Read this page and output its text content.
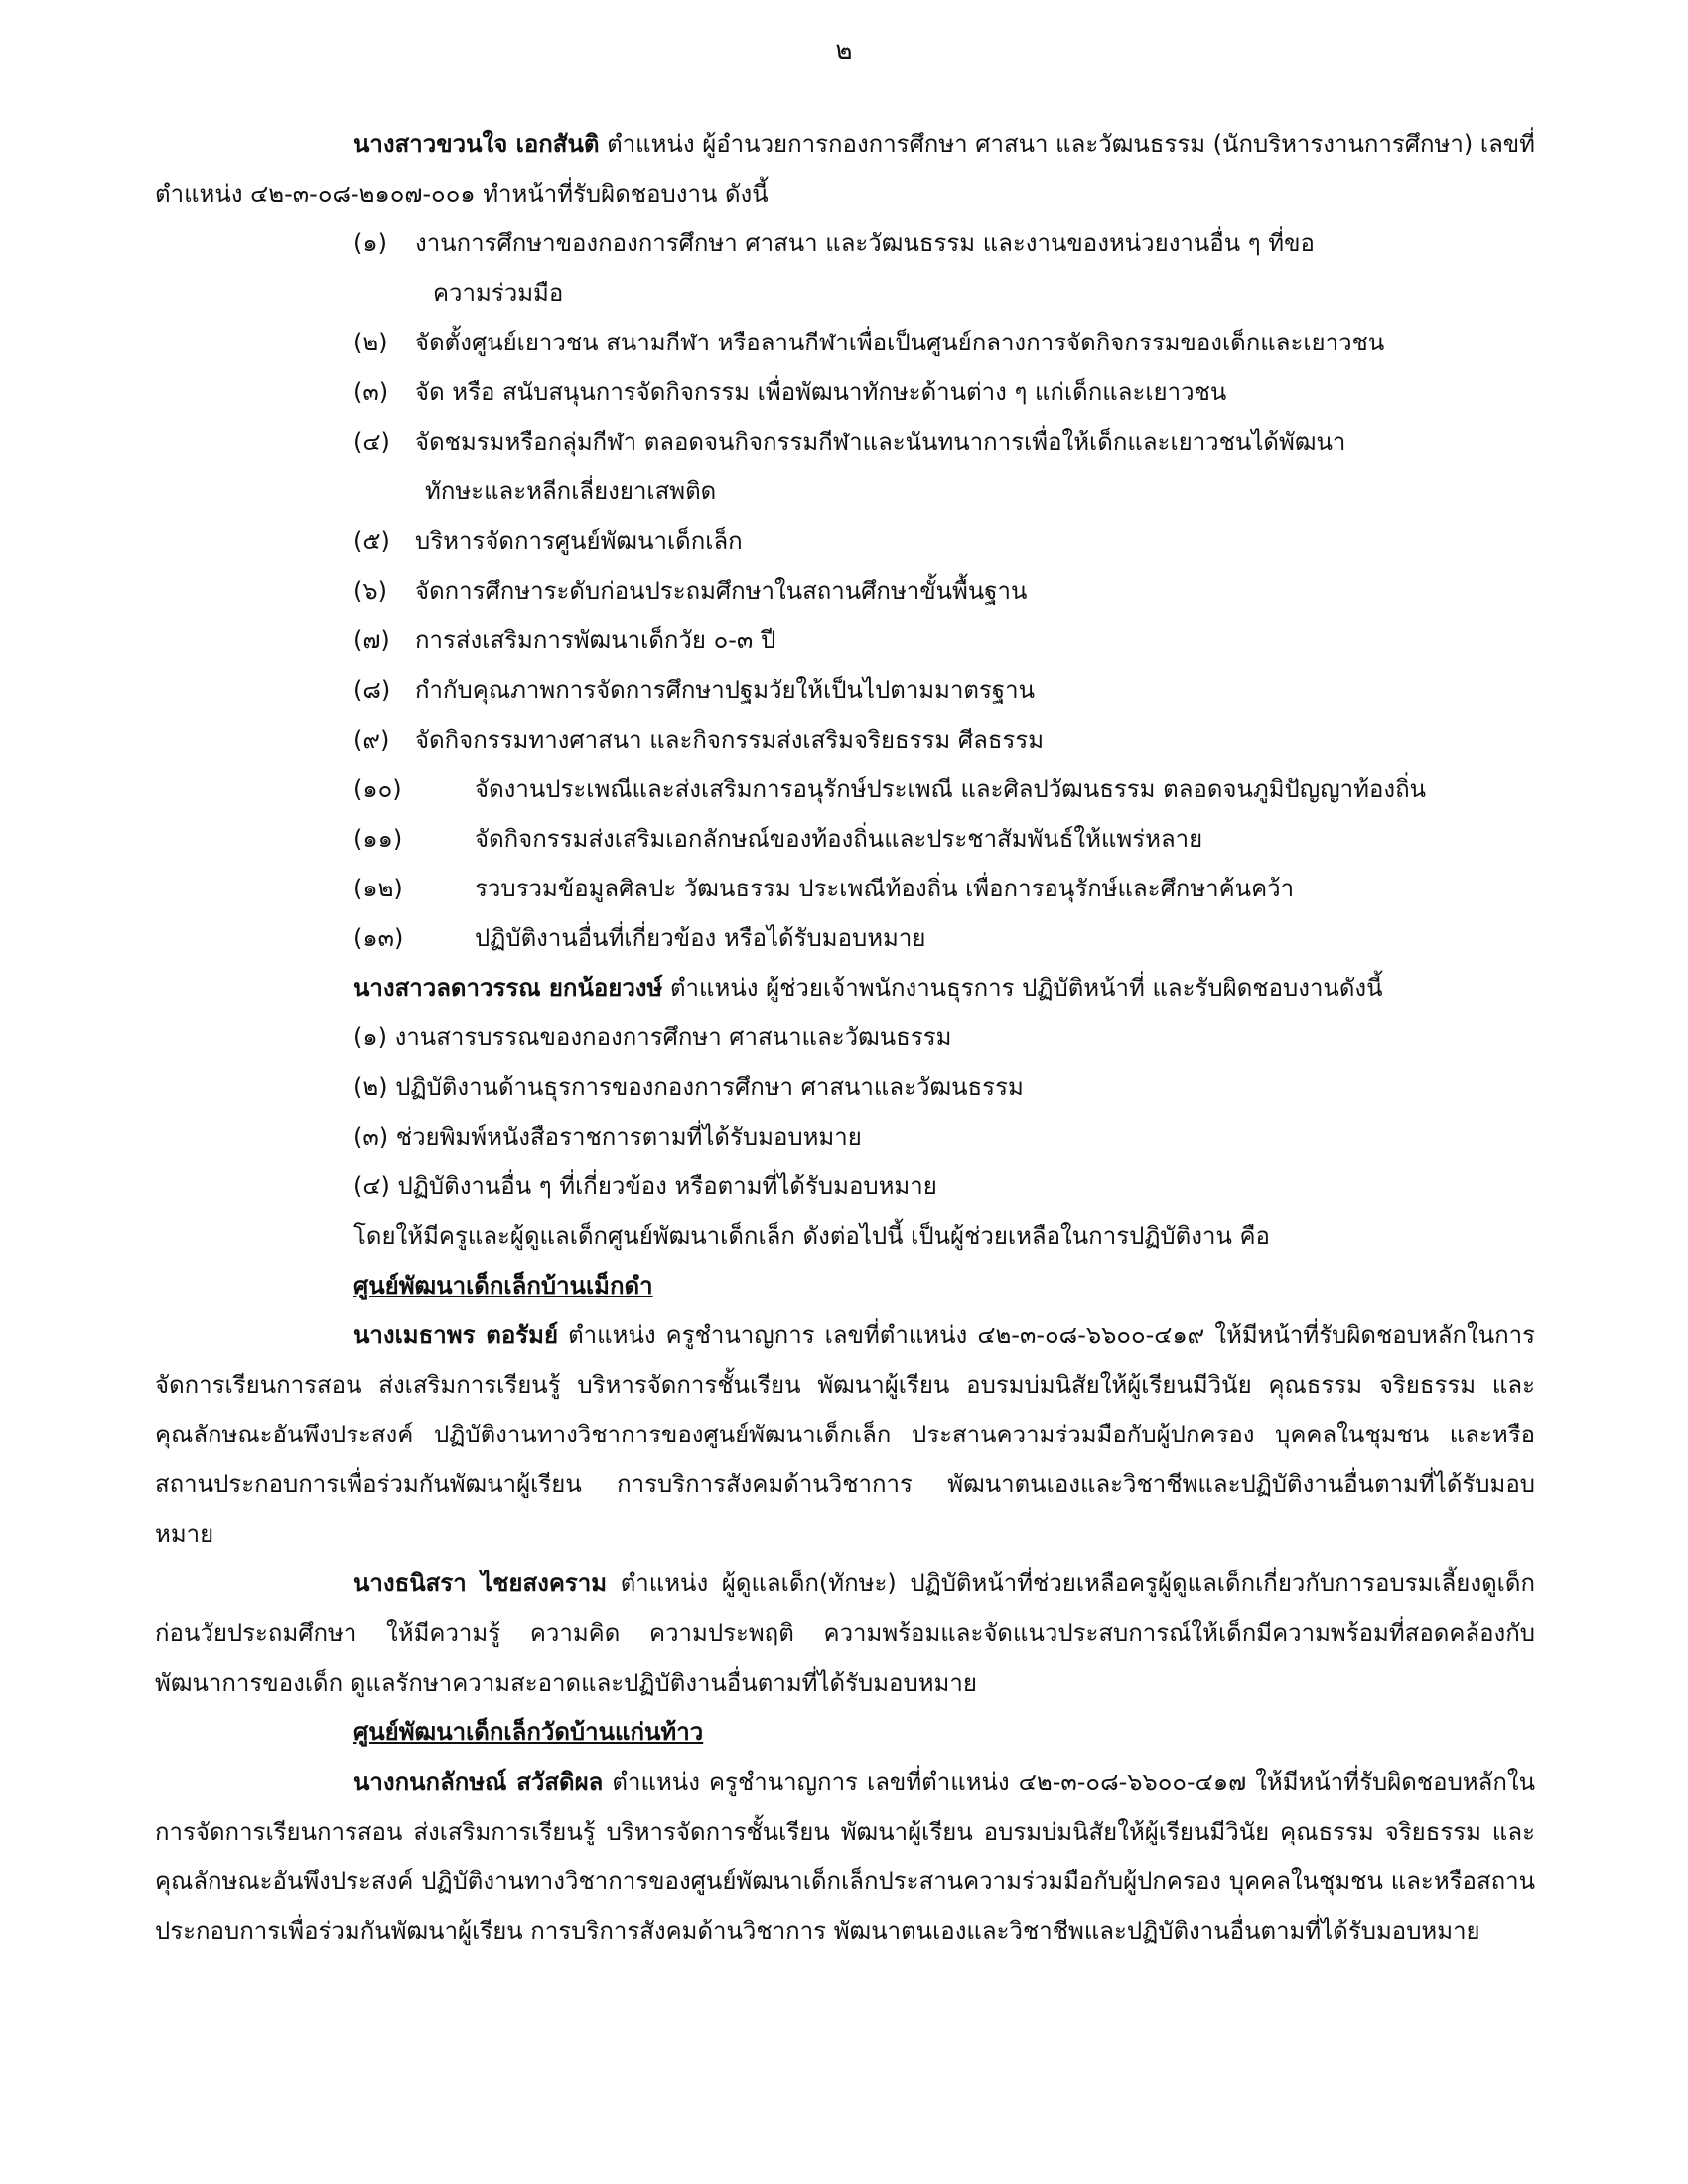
๒

นางสาวขวนใจ เอกสันติ ตำแหน่ง ผู้อำนวยการกองการศึกษา ศาสนา และวัฒนธรรม (นักบริหารงานการศึกษา) เลขที่ตำแหน่ง ๔๒-๓-๐๘-๒๑๐๗-๐๐๑ ทำหน้าที่รับผิดชอบงาน ดังนี้

(๑) งานการศึกษาของกองการศึกษา ศาสนา และวัฒนธรรม และงานของหน่วยงานอื่น ๆ ที่ขอ

ความร่วมมือ

(๒) จัดตั้งศูนย์เยาวชน สนามกีฬา หรือลานกีฬาเพื่อเป็นศูนย์กลางการจัดกิจกรรมของเด็กและเยาวชน

(๓) จัด หรือ สนับสนุนการจัดกิจกรรม เพื่อพัฒนาทักษะด้านต่าง ๆ แก่เด็กและเยาวชน

(๔) จัดชมรมหรือกลุ่มกีฬา ตลอดจนกิจกรรมกีฬาและนันทนาการเพื่อให้เด็กและเยาวชนได้พัฒนา

ทักษะและหลีกเลี่ยงยาเสพติด

(๕) บริหารจัดการศูนย์พัฒนาเด็กเล็ก

(๖) จัดการศึกษาระดับก่อนประถมศึกษาในสถานศึกษาขั้นพื้นฐาน

(๗) การส่งเสริมการพัฒนาเด็กวัย ๐-๓ ปี

(๘) กำกับคุณภาพการจัดการศึกษาปฐมวัยให้เป็นไปตามมาตรฐาน

(๙) จัดกิจกรรมทางศาสนา และกิจกรรมส่งเสริมจริยธรรม ศีลธรรม

(๑๐)	จัดงานประเพณีและส่งเสริมการอนุรักษ์ประเพณี และศิลปวัฒนธรรม ตลอดจนภูมิปัญญาท้องถิ่น

(๑๑)	จัดกิจกรรมส่งเสริมเอกลักษณ์ของท้องถิ่นและประชาสัมพันธ์ให้แพร่หลาย

(๑๒)	รวบรวมข้อมูลศิลปะ วัฒนธรรม ประเพณีท้องถิ่น เพื่อการอนุรักษ์และศึกษาค้นคว้า

(๑๓)	ปฏิบัติงานอื่นที่เกี่ยวข้อง หรือได้รับมอบหมาย

นางสาวลดาวรรณ ยกน้อยวงษ์ ตำแหน่ง ผู้ช่วยเจ้าพนักงานธุรการ ปฏิบัติหน้าที่ และรับผิดชอบงานดังนี้

(๑) งานสารบรรณของกองการศึกษา ศาสนาและวัฒนธรรม

(๒) ปฏิบัติงานด้านธุรการของกองการศึกษา ศาสนาและวัฒนธรรม

(๓) ช่วยพิมพ์หนังสือราชการตามที่ได้รับมอบหมาย

(๔) ปฏิบัติงานอื่น ๆ ที่เกี่ยวข้อง หรือตามที่ได้รับมอบหมาย

โดยให้มีครูและผู้ดูแลเด็กศูนย์พัฒนาเด็กเล็ก ดังต่อไปนี้ เป็นผู้ช่วยเหลือในการปฏิบัติงาน คือ

ศูนย์พัฒนาเด็กเล็กบ้านเม็กดำ

นางเมธาพร ตอรัมย์ ตำแหน่ง ครูชำนาญการ เลขที่ตำแหน่ง ๔๒-๓-๐๘-๖๖๐๐-๔๑๙ ให้มีหน้าที่รับผิดชอบหลักในการจัดการเรียนการสอน ส่งเสริมการเรียนรู้ บริหารจัดการชั้นเรียน พัฒนาผู้เรียน อบรมบ่มนิสัยให้ผู้เรียนมีวินัย คุณธรรม จริยธรรม และคุณลักษณะอันพึงประสงค์ ปฏิบัติงานทางวิชาการของศูนย์พัฒนาเด็กเล็ก ประสานความร่วมมือกับผู้ปกครอง บุคคลในชุมชน และหรือสถานประกอบการเพื่อร่วมกันพัฒนาผู้เรียน การบริการสังคมด้านวิชาการ พัฒนาตนเองและวิชาชีพและปฏิบัติงานอื่นตามที่ได้รับมอบหมาย

นางธนิสรา ไชยสงคราม ตำแหน่ง ผู้ดูแลเด็ก(ทักษะ) ปฏิบัติหน้าที่ช่วยเหลือครูผู้ดูแลเด็กเกี่ยวกับการอบรมเลี้ยงดูเด็กก่อนวัยประถมศึกษา ให้มีความรู้ ความคิด ความประพฤติ ความพร้อมและจัดแนวประสบการณ์ให้เด็กมีความพร้อมที่สอดคล้องกับพัฒนาการของเด็ก ดูแลรักษาความสะอาดและปฏิบัติงานอื่นตามที่ได้รับมอบหมาย

ศูนย์พัฒนาเด็กเล็กวัดบ้านแก่นท้าว

นางกนกลักษณ์ สวัสดิผล ตำแหน่ง ครูชำนาญการ เลขที่ตำแหน่ง ๔๒-๓-๐๘-๖๖๐๐-๔๑๗ ให้มีหน้าที่รับผิดชอบหลักในการจัดการเรียนการสอน ส่งเสริมการเรียนรู้ บริหารจัดการชั้นเรียน พัฒนาผู้เรียน อบรมบ่มนิสัยให้ผู้เรียนมีวินัย คุณธรรม จริยธรรม และคุณลักษณะอันพึงประสงค์ ปฏิบัติงานทางวิชาการของศูนย์พัฒนาเด็กเล็กประสานความร่วมมือกับผู้ปกครอง บุคคลในชุมชน และหรือสถานประกอบการเพื่อร่วมกันพัฒนาผู้เรียน การบริการสังคมด้านวิชาการ พัฒนาตนเองและวิชาชีพและปฏิบัติงานอื่นตามที่ได้รับมอบหมาย
